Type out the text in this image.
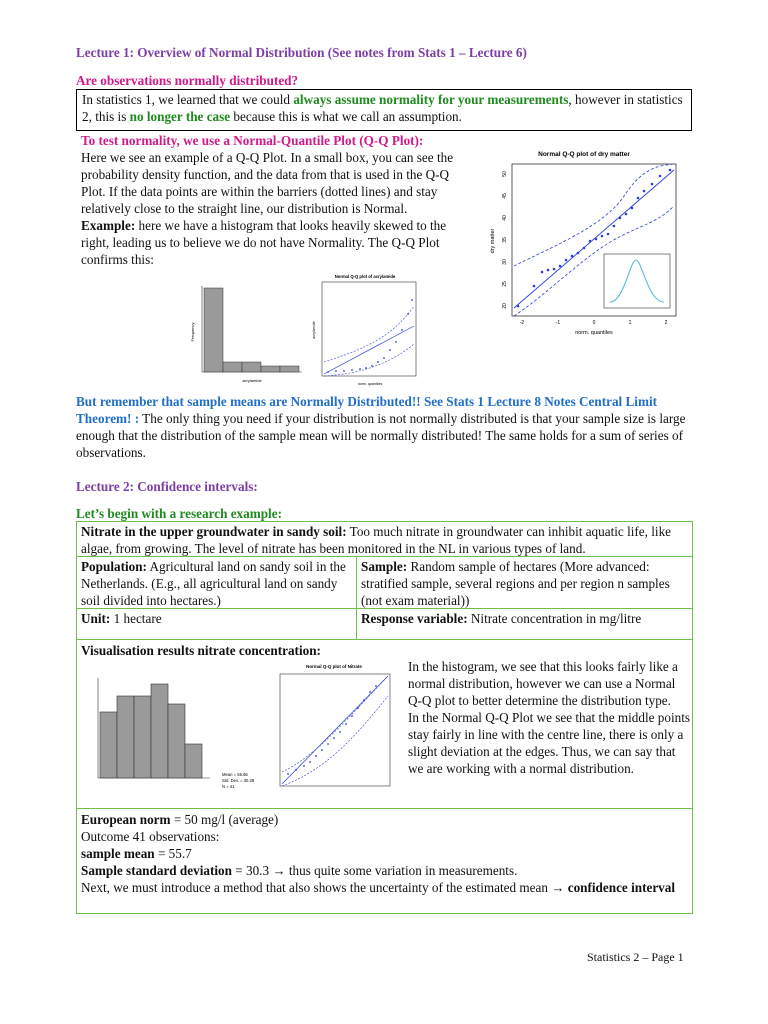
Lecture 1: Overview of Normal Distribution (See notes from Stats 1 – Lecture 6)
Are observations normally distributed?

In statistics 1, we learned that we could always assume normality for your measurements, however in statistics 2, this is no longer the case because this is what we call an assumption.

To test normality, we use a Normal-Quantile Plot (Q-Q Plot):

Here we see an example of a Q-Q Plot. In a small box, you can see the probability density function, and the data from that is used in the Q-Q Plot. If the data points are within the barriers (dotted lines) and stay relatively close to the straight line, our distribution is Normal.

Example: here we have a histogram that looks heavily skewed to the right, leading us to believe we do not have Normality. The Q-Q Plot confirms this:

Normal Q-Q plot of dry matter
dry matter
norm. quantiles
50
45
40
35
30
25
20
-2	-1	0	1	2
Frequency
acrylamide
Normal Q-Q plot of acrylamide
acrylamide
norm. quantiles
But remember that sample means are Normally Distributed!! See Stats 1 Lecture 8 Notes Central Limit Theorem! : The only thing you need if your distribution is not normally distributed is that your sample size is large enough that the distribution of the sample mean will be normally distributed! The same holds for a sum of series of observations.
Lecture 2: Confidence intervals:
Let’s begin with a research example:
Nitrate in the upper groundwater in sandy soil: Too much nitrate in groundwater can inhibit aquatic life, like algae, from growing. The level of nitrate has been monitored in the NL in various types of land.
Population: Agricultural land on sandy soil in the Netherlands. (E.g., all agricultural land on sandy soil divided into hectares.)
Sample: Random sample of hectares (More advanced: stratified sample, several regions and per region n samples (not exam material))
Unit: 1 hectare	Response variable: Nitrate concentration in mg/litre
Visualisation results nitrate concentration:
Mean = 55.66
Std. Dev. = 30.28
N = 41
Normal Q-Q plot of Nitrate	In the histogram, we see that this looks fairly like a normal distribution, however we can use a Normal Q-Q plot to better determine the distribution type.
In the Normal Q-Q Plot we see that the middle points stay fairly in line with the centre line, there is only a slight deviation at the edges. Thus, we can say that we are working with a normal distribution.

European norm = 50 mg/l (average)

Outcome 41 observations:

sample mean = 55.7

Sample standard deviation = 30.3 → thus quite some variation in measurements.

Next, we must introduce a method that also shows the uncertainty of the estimated mean → confidence interval

Statistics 2 – Page 1
